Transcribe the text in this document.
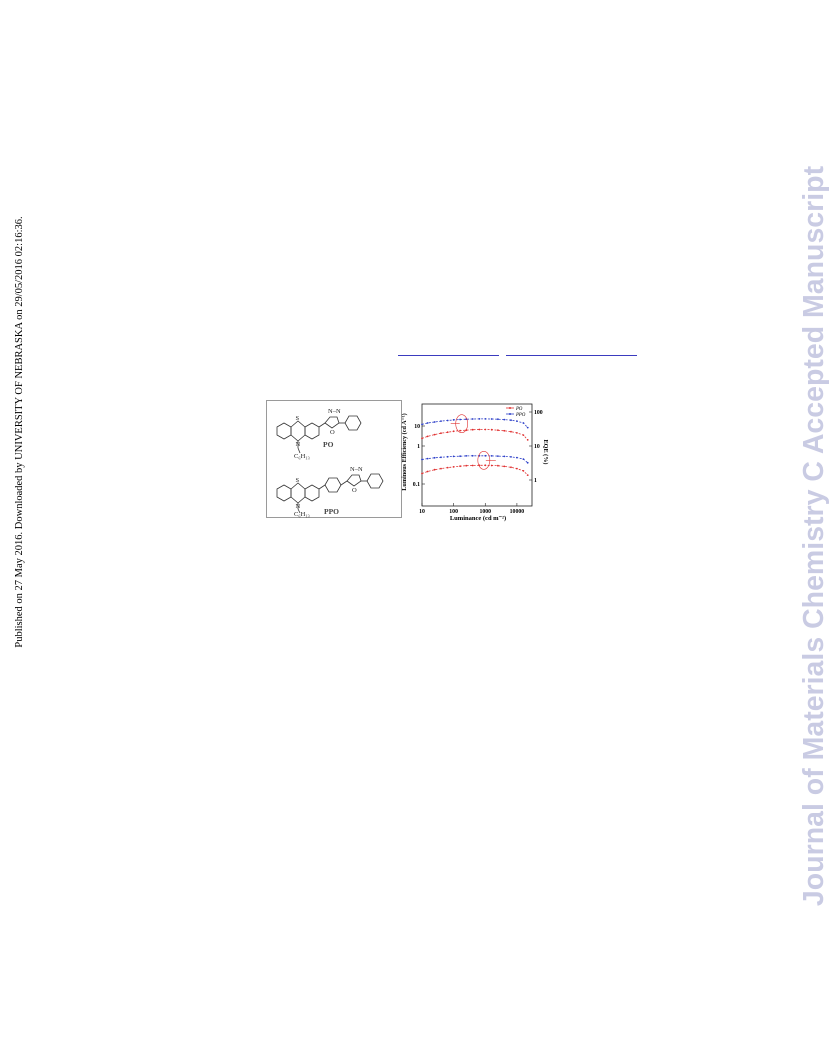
Published on 27 May 2016. Downloaded by UNIVERSITY OF NEBRASKA on 29/05/2016 02:16:36.	Journal of Materials Chemistry C Accepted Manuscript
S
N
C₆H₁₃
N–N
O
S
N
C₆H₁₃
N–N
O
PO
PPO	10	100	1000	10000
10
1
0.1
100
10
1
PO
PPO
Luminous Efficiency (cd A⁻¹)	EQE (%)
Luminance (cd m⁻²)
